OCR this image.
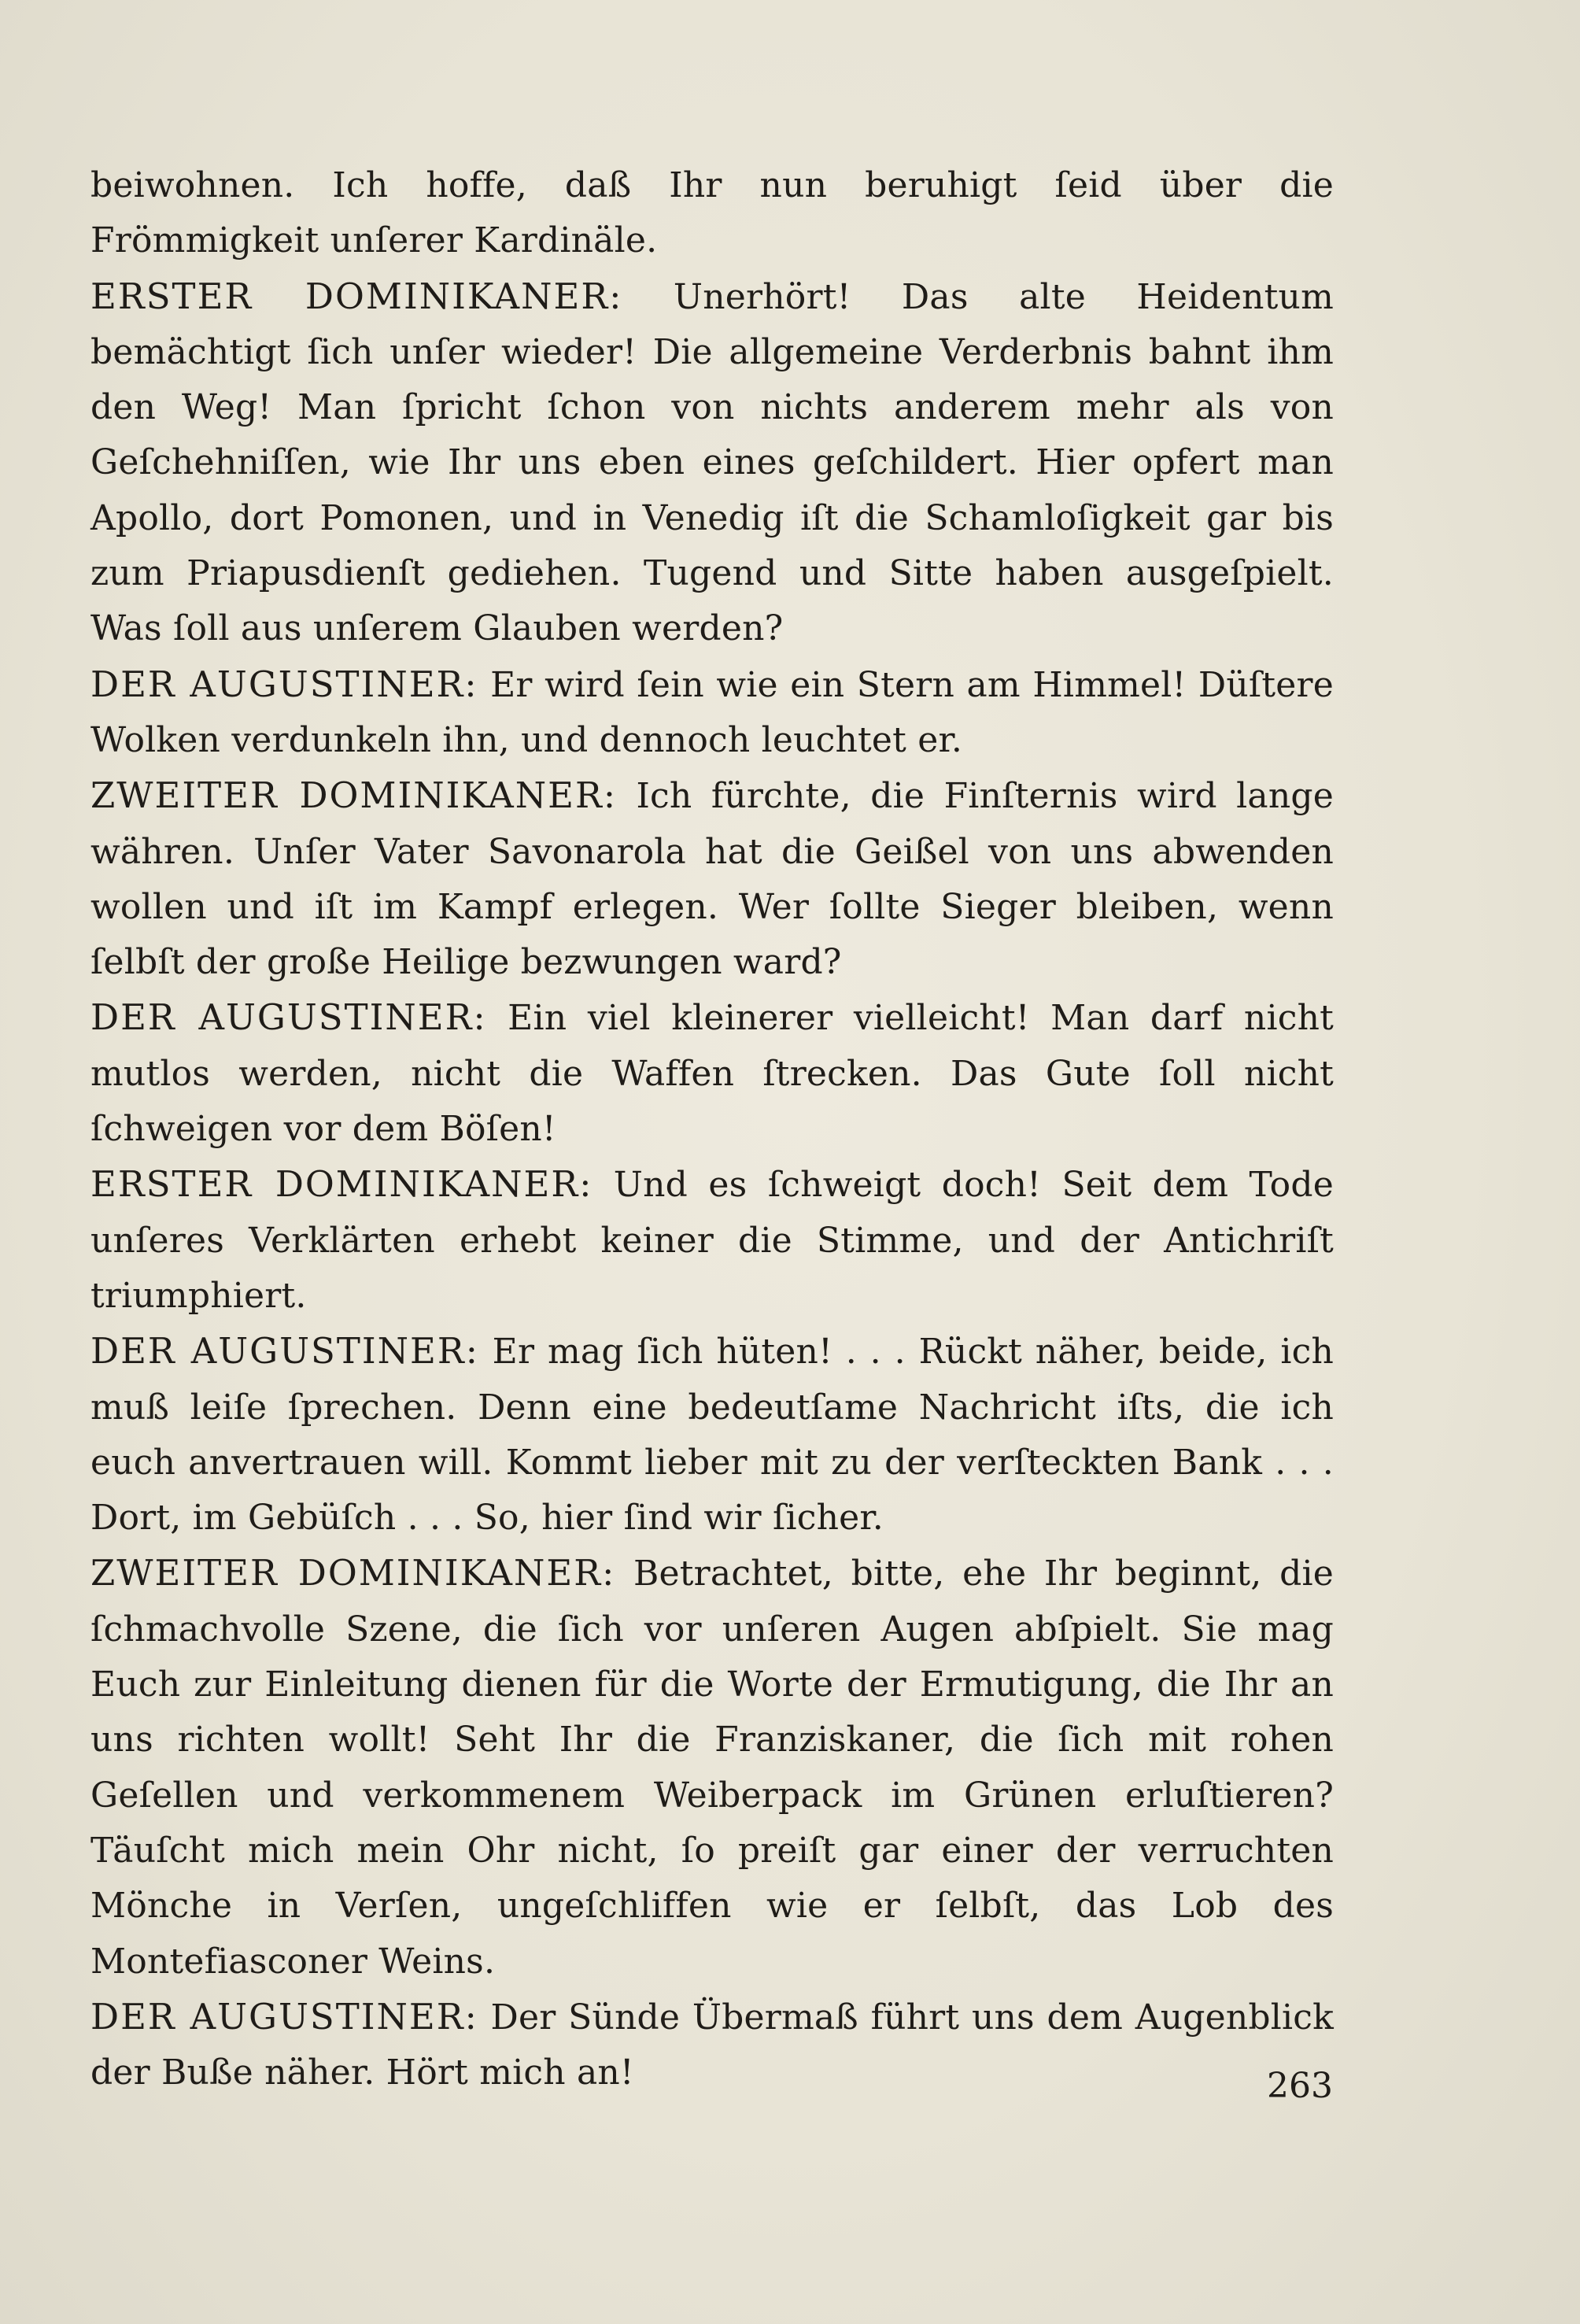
beiwohnen. Ich hoffe, daß Ihr nun beruhigt ſeid über die Frömmigkeit unſerer Kardinäle.

ERSTER DOMINIKANER: Unerhört! Das alte Heidentum bemächtigt ſich unſer wieder! Die allgemeine Verderbnis bahnt ihm den Weg! Man ſpricht ſchon von nichts anderem mehr als von Geſchehniſſen, wie Ihr uns eben eines geſchildert. Hier opfert man Apollo, dort Pomonen, und in Venedig iſt die Schamloſigkeit gar bis zum Priapusdienſt gediehen. Tugend und Sitte haben ausgeſpielt. Was ſoll aus unſerem Glauben werden?

DER AUGUSTINER: Er wird ſein wie ein Stern am Himmel! Düſtere Wolken verdunkeln ihn, und dennoch leuchtet er.

ZWEITER DOMINIKANER: Ich fürchte, die Finſternis wird lange währen. Unſer Vater Savonarola hat die Geißel von uns abwenden wollen und iſt im Kampf erlegen. Wer ſollte Sieger bleiben, wenn ſelbſt der große Heilige bezwungen ward?

DER AUGUSTINER: Ein viel kleinerer vielleicht! Man darf nicht mutlos werden, nicht die Waffen ſtrecken. Das Gute ſoll nicht ſchweigen vor dem Böſen!

ERSTER DOMINIKANER: Und es ſchweigt doch! Seit dem Tode unſeres Verklärten erhebt keiner die Stimme, und der Antichriſt triumphiert.

DER AUGUSTINER: Er mag ſich hüten! . . . Rückt näher, beide, ich muß leiſe ſprechen. Denn eine bedeutſame Nachricht iſts, die ich euch anvertrauen will. Kommt lieber mit zu der verſteckten Bank . . . Dort, im Gebüſch . . . So, hier ſind wir ſicher.

ZWEITER DOMINIKANER: Betrachtet, bitte, ehe Ihr beginnt, die ſchmachvolle Szene, die ſich vor unſeren Augen abſpielt. Sie mag Euch zur Einleitung dienen für die Worte der Ermutigung, die Ihr an uns richten wollt! Seht Ihr die Franziskaner, die ſich mit rohen Geſellen und verkommenem Weiberpack im Grünen erluſtieren? Täuſcht mich mein Ohr nicht, ſo preiſt gar einer der verruchten Mönche in Verſen, ungeſchliffen wie er ſelbſt, das Lob des Montefiasconer Weins.

DER AUGUSTINER: Der Sünde Übermaß führt uns dem Augenblick der Buße näher. Hört mich an!	263
